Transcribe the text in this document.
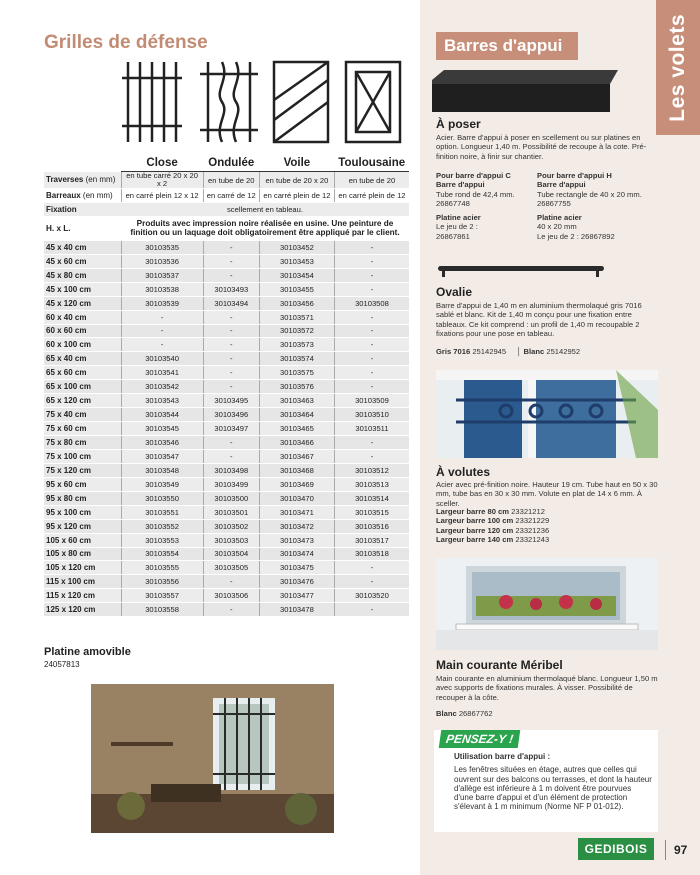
Grilles de défense
	Close	Ondulée	Voile	Toulousaine
Traverses (en mm)	en tube carré 20 x 20 x 2	en tube de 20	en tube de 20 x 20	en tube de 20
Barreaux (en mm)	en carré plein 12 x 12	en carré de 12	en carré plein de 12	en carré plein de 12
Fixation	scellement en tableau.			
H. x L.	Produits avec impression noire réalisée en usine. Une peinture de finition ou un laquage doit obligatoirement être appliqué par le client.			
45 x 40 cm	30103535	-	30103452	-
45 x 60 cm	30103536	-	30103453	-
45 x 80 cm	30103537	-	30103454	-
45 x 100 cm	30103538	30103493	30103455	-
45 x 120 cm	30103539	30103494	30103456	30103508
60 x 40 cm	-	-	30103571	-
60 x 60 cm	-	-	30103572	-
60 x 100 cm	-	-	30103573	-
65 x 40 cm	30103540	-	30103574	-
65 x 60 cm	30103541	-	30103575	-
65 x 100 cm	30103542	-	30103576	-
65 x 120 cm	30103543	30103495	30103463	30103509
75 x 40 cm	30103544	30103496	30103464	30103510
75 x 60 cm	30103545	30103497	30103465	30103511
75 x 80 cm	30103546	-	30103466	-
75 x 100 cm	30103547	-	30103467	-
75 x 120 cm	30103548	30103498	30103468	30103512
95 x 60 cm	30103549	30103499	30103469	30103513
95 x 80 cm	30103550	30103500	30103470	30103514
95 x 100 cm	30103551	30103501	30103471	30103515
95 x 120 cm	30103552	30103502	30103472	30103516
105 x 60 cm	30103553	30103503	30103473	30103517
105 x 80 cm	30103554	30103504	30103474	30103518
105 x 120 cm	30103555	30103505	30103475	-
115 x 100 cm	30103556	-	30103476	-
115 x 120 cm	30103557	30103506	30103477	30103520
125 x 120 cm	30103558	-	30103478	-
Platine amovible
24057813
Les volets
Barres d'appui
À poser
Acier. Barre d'appui à poser en scellement ou sur platines en option. Longueur 1,40 m. Possibilité de recoupe à la cote. Pré-finition noire, à finir sur chantier.
Pour barre d'appui C
Barre d'appui
Tube rond de 42,4 mm.
26867748
Platine acier
Le jeu de 2 :
26867861
Pour barre d'appui H
Barre d'appui
Tube rectangle de 40 x 20 mm.
26867755
Platine acier
40 x 20 mm
Le jeu de 2 : 26867892
Ovalie
Barre d'appui de 1,40 m en aluminium thermolaqué gris 7016 sablé et blanc. Kit de 1,40 m conçu pour une fixation entre tableaux. Ce kit comprend : un profil de 1,40 m recoupable 2 fixations pour une pose en tableau.
Gris 7016 25142945     │ Blanc 25142952
À volutes
Acier avec pré-finition noire. Hauteur 19 cm. Tube haut en 50 x 30 mm, tube bas en 30 x 30 mm. Volute en plat de 14 x 6 mm. À sceller.
Largeur barre 80 cm 23321212
Largeur barre 100 cm 23321229
Largeur barre 120 cm 23321236
Largeur barre 140 cm 23321243
Main courante Méribel
Main courante en aluminium thermolaqué blanc. Longueur 1,50 m avec supports de fixations murales. À visser. Possibilité de recouper à la côte.
Blanc 26867762
PENSEZ-Y !
Utilisation barre d'appui :
Les fenêtres situées en étage, autres que celles qui ouvrent sur des balcons ou terrasses, et dont la hauteur d'allège est inférieure à 1 m doivent être pourvues d'une barre d'appui et d'un élément de protection s'élevant à 1 m minimum (Norme NF P 01-012).
GEDIBOIS	97
